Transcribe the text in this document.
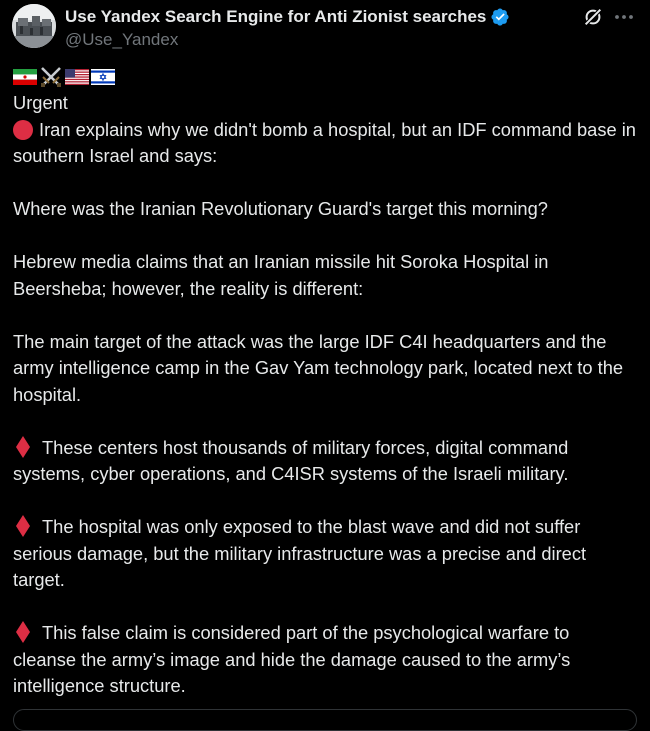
Use Yandex Search Engine for Anti Zionist searches
@Use_Yandex

Urgent

Iran explains why we didn't bomb a hospital, but an IDF command base in southern Israel and says:

Where was the Iranian Revolutionary Guard's target this morning?

Hebrew media claims that an Iranian missile hit Soroka Hospital in Beersheba; however, the reality is different:

The main target of the attack was the large IDF C4I headquarters and the army intelligence camp in the Gav Yam technology park, located next to the hospital.

These centers host thousands of military forces, digital command systems, cyber operations, and C4ISR systems of the Israeli military.

The hospital was only exposed to the blast wave and did not suffer serious damage, but the military infrastructure was a precise and direct target.

This false claim is considered part of the psychological warfare to cleanse the army’s image and hide the damage caused to the army’s intelligence structure.
